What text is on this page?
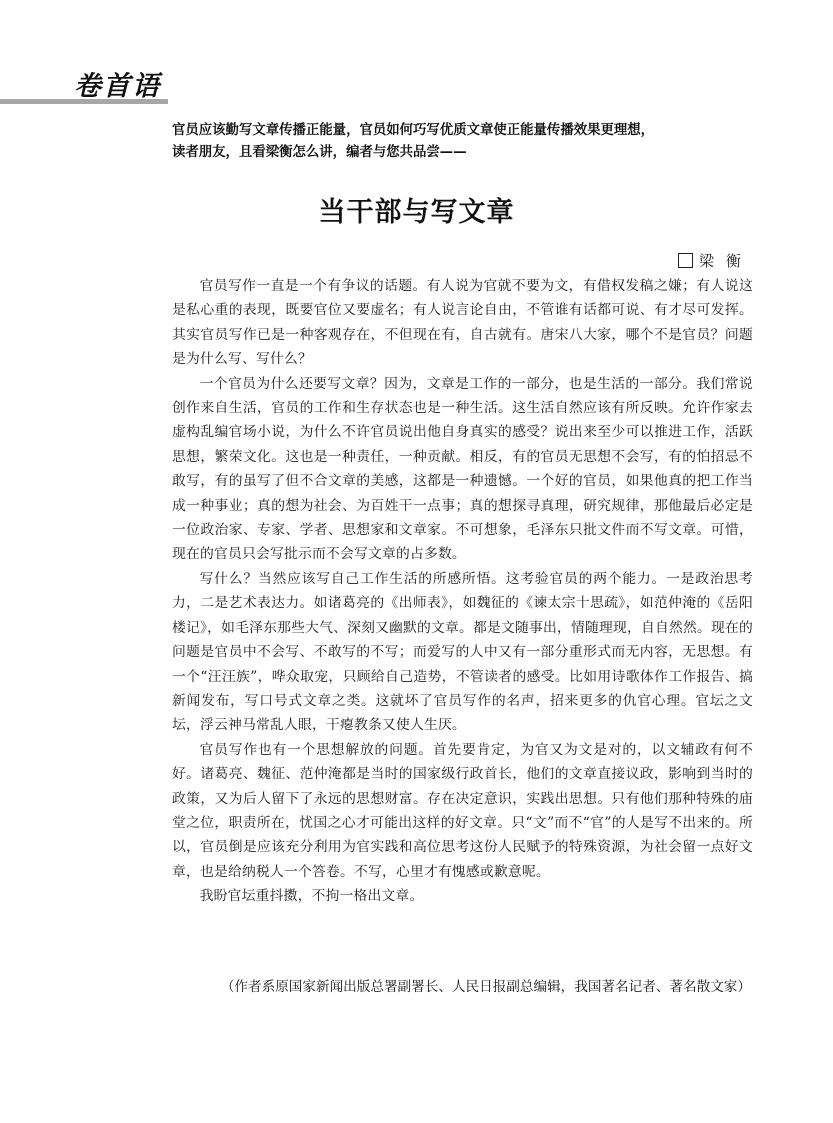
卷首语

官员应该勤写文章传播正能量，官员如何巧写优质文章使正能量传播效果更理想，

读者朋友，且看梁衡怎么讲，编者与您共品尝——

当干部与写文章
梁衡

官员写作一直是一个有争议的话题。有人说为官就不要为文，有借权发稿之嫌；有人说这是私心重的表现，既要官位又要虚名；有人说言论自由，不管谁有话都可说、有才尽可发挥。其实官员写作已是一种客观存在，不但现在有，自古就有。唐宋八大家，哪个不是官员？问题是为什么写、写什么？

一个官员为什么还要写文章？因为，文章是工作的一部分，也是生活的一部分。我们常说创作来自生活，官员的工作和生存状态也是一种生活。这生活自然应该有所反映。允许作家去虚构乱编官场小说，为什么不许官员说出他自身真实的感受？说出来至少可以推进工作，活跃思想，繁荣文化。这也是一种责任，一种贡献。相反，有的官员无思想不会写，有的怕招忌不敢写，有的虽写了但不合文章的美感，这都是一种遗憾。一个好的官员，如果他真的把工作当成一种事业；真的想为社会、为百姓干一点事；真的想探寻真理，研究规律，那他最后必定是一位政治家、专家、学者、思想家和文章家。不可想象，毛泽东只批文件而不写文章。可惜，现在的官员只会写批示而不会写文章的占多数。

写什么？当然应该写自己工作生活的所感所悟。这考验官员的两个能力。一是政治思考力，二是艺术表达力。如诸葛亮的《出师表》，如魏征的《谏太宗十思疏》，如范仲淹的《岳阳楼记》，如毛泽东那些大气、深刻又幽默的文章。都是文随事出，情随理现，自自然然。现在的问题是官员中不会写、不敢写的不写；而爱写的人中又有一部分重形式而无内容，无思想。有一个“汪汪族”，哗众取宠，只顾给自己造势，不管读者的感受。比如用诗歌体作工作报告、搞新闻发布，写口号式文章之类。这就坏了官员写作的名声，招来更多的仇官心理。官坛之文坛，浮云神马常乱人眼，干瘪教条又使人生厌。

官员写作也有一个思想解放的问题。首先要肯定，为官又为文是对的，以文辅政有何不好。诸葛亮、魏征、范仲淹都是当时的国家级行政首长，他们的文章直接议政，影响到当时的政策，又为后人留下了永远的思想财富。存在决定意识，实践出思想。只有他们那种特殊的庙堂之位，职责所在，忧国之心才可能出这样的好文章。只“文”而不“官”的人是写不出来的。所以，官员倒是应该充分利用为官实践和高位思考这份人民赋予的特殊资源，为社会留一点好文章，也是给纳税人一个答卷。不写，心里才有愧感或歉意呢。

我盼官坛重抖擞，不拘一格出文章。

（作者系原国家新闻出版总署副署长、人民日报副总编辑，我国著名记者、著名散文家）
